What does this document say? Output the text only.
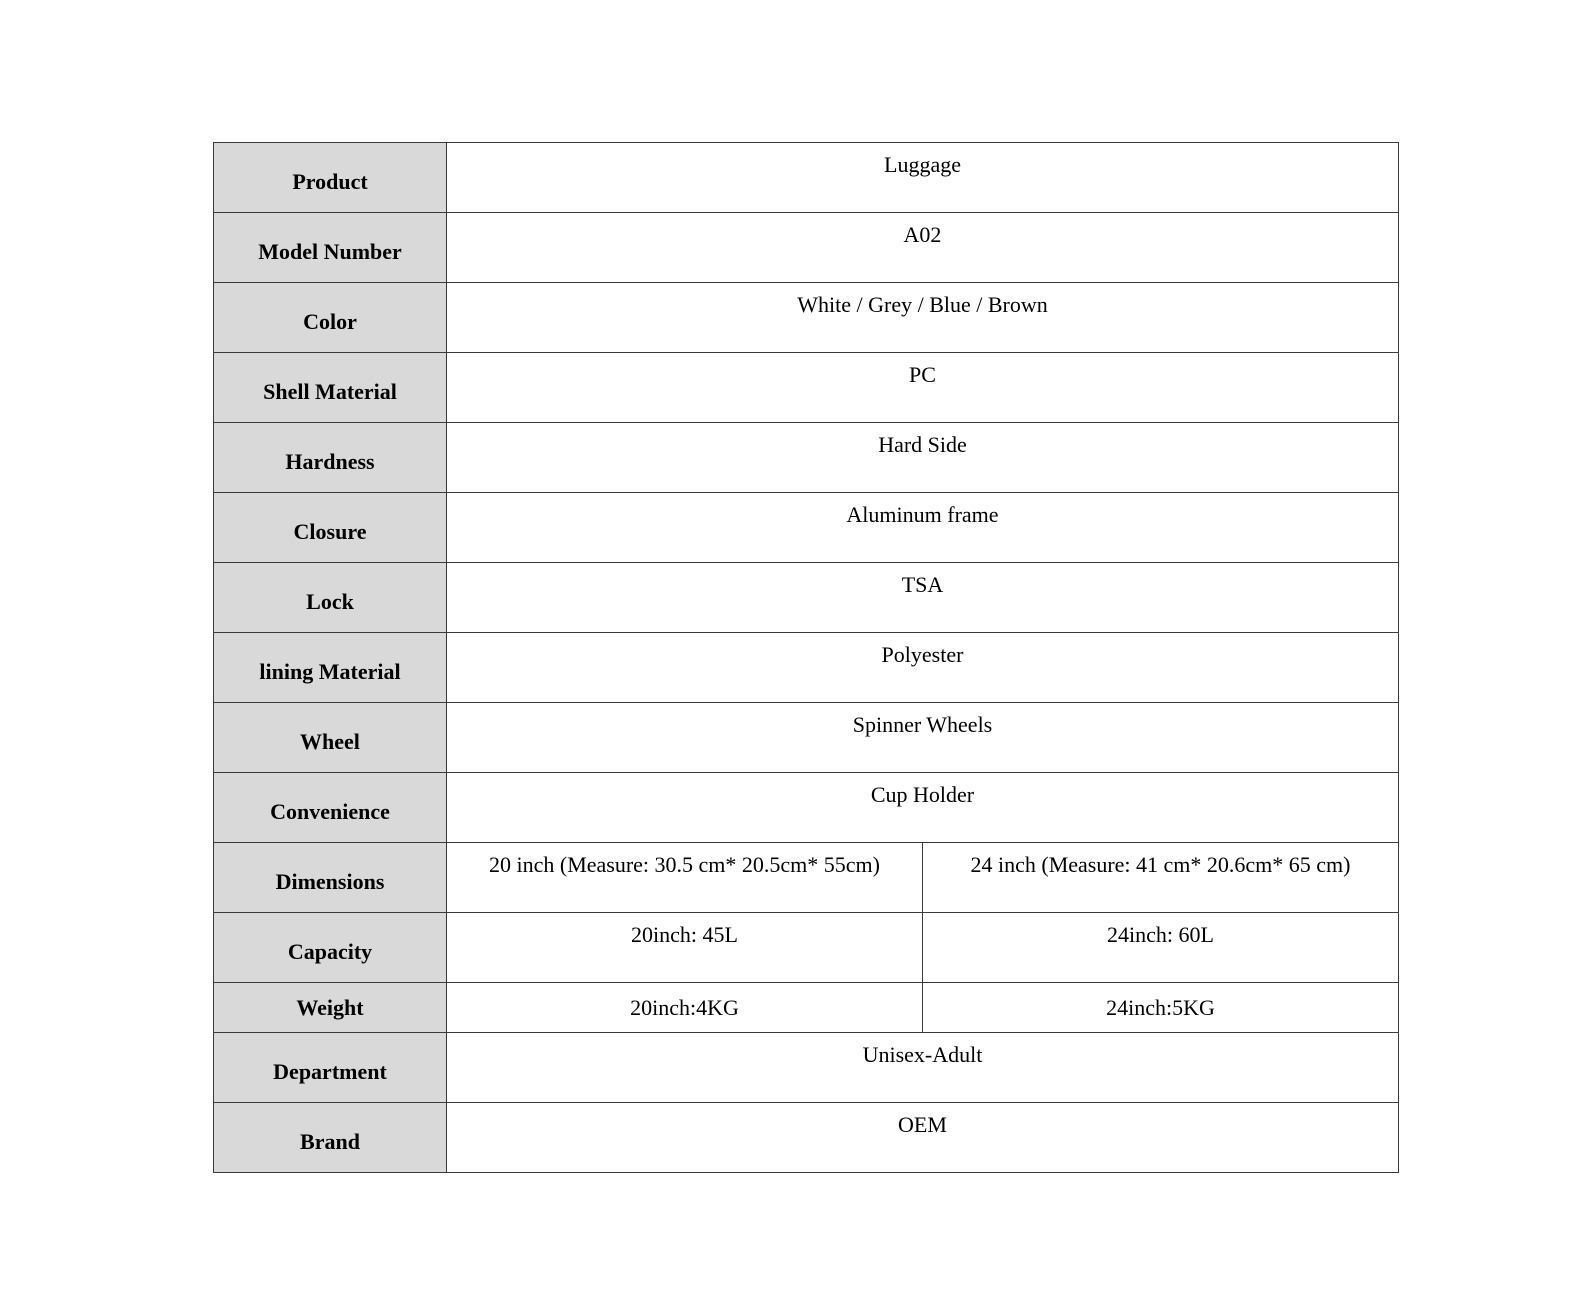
Product	Luggage	
Model Number	A02	
Color	White / Grey / Blue / Brown	
Shell Material	PC	
Hardness	Hard Side	
Closure	Aluminum frame	
Lock	TSA	
lining Material	Polyester	
Wheel	Spinner Wheels	
Convenience	Cup Holder	
Dimensions	20 inch (Measure: 30.5 cm* 20.5cm* 55cm)	24 inch (Measure: 41 cm* 20.6cm* 65 cm)
Capacity	20inch: 45L	24inch: 60L
Weight	20inch:4KG	24inch:5KG
Department	Unisex-Adult	
Brand	OEM	
